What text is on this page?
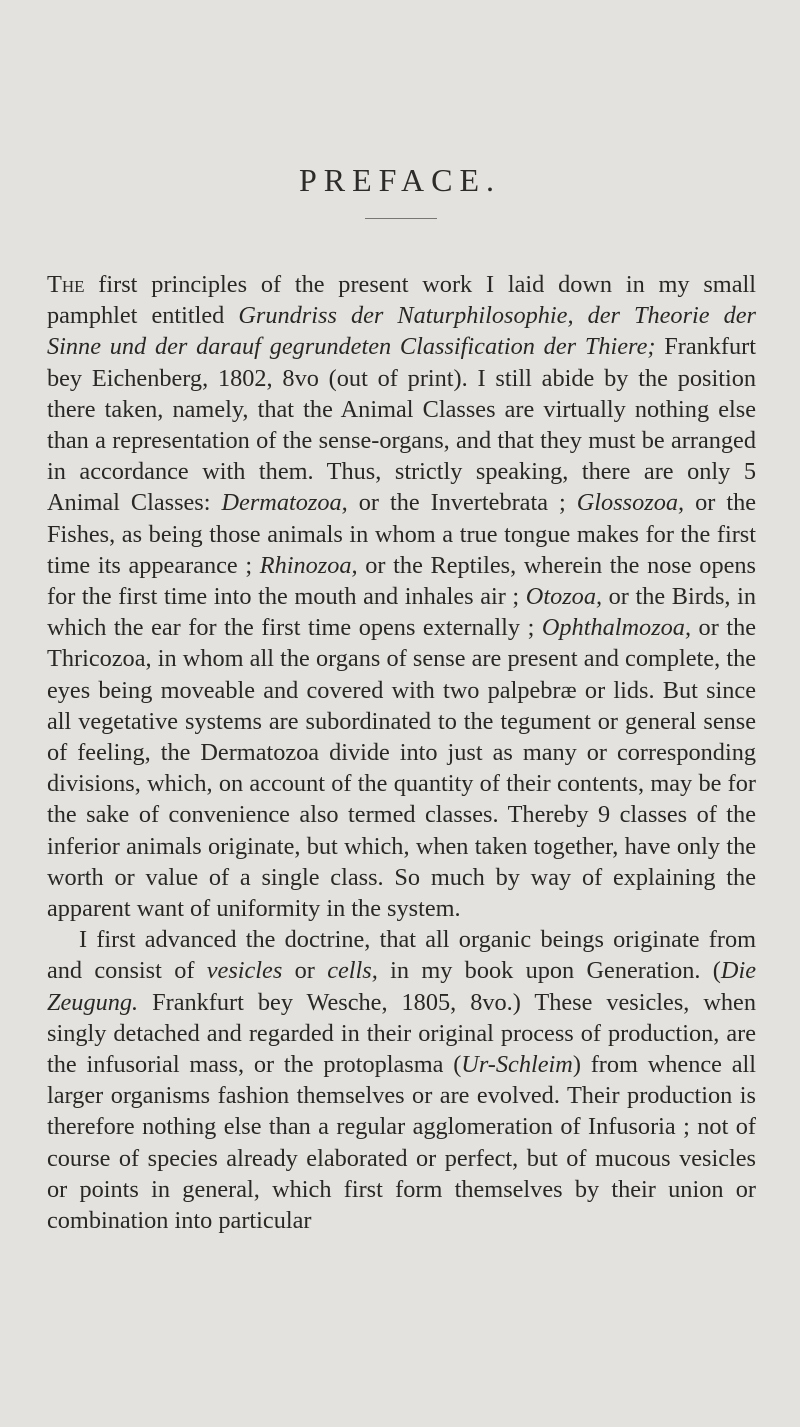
PREFACE.

The first principles of the present work I laid down in my small pamphlet entitled Grundriss der Naturphilosophie, der Theorie der Sinne und der darauf gegrundeten Classification der Thiere; Frankfurt bey Eichenberg, 1802, 8vo (out of print). I still abide by the position there taken, namely, that the Animal Classes are virtually nothing else than a representation of the sense-organs, and that they must be arranged in accordance with them. Thus, strictly speaking, there are only 5 Animal Classes: Dermatozoa, or the Invertebrata ; Glossozoa, or the Fishes, as being those animals in whom a true tongue makes for the first time its appearance ; Rhinozoa, or the Reptiles, wherein the nose opens for the first time into the mouth and inhales air ; Otozoa, or the Birds, in which the ear for the first time opens externally ; Ophthalmozoa, or the Thricozoa, in whom all the organs of sense are present and complete, the eyes being moveable and covered with two palpebræ or lids. But since all vegetative systems are subordinated to the tegument or general sense of feeling, the Dermatozoa divide into just as many or corresponding divisions, which, on account of the quantity of their contents, may be for the sake of convenience also termed classes. Thereby 9 classes of the inferior animals originate, but which, when taken together, have only the worth or value of a single class. So much by way of explaining the apparent want of uniformity in the system.

I first advanced the doctrine, that all organic beings originate from and consist of vesicles or cells, in my book upon Generation. (Die Zeugung. Frankfurt bey Wesche, 1805, 8vo.) These vesicles, when singly detached and regarded in their original process of production, are the infusorial mass, or the protoplasma (Ur-Schleim) from whence all larger organisms fashion themselves or are evolved. Their production is therefore nothing else than a regular agglomeration of Infusoria ; not of course of species already elaborated or perfect, but of mucous vesicles or points in general, which first form themselves by their union or combination into particular
